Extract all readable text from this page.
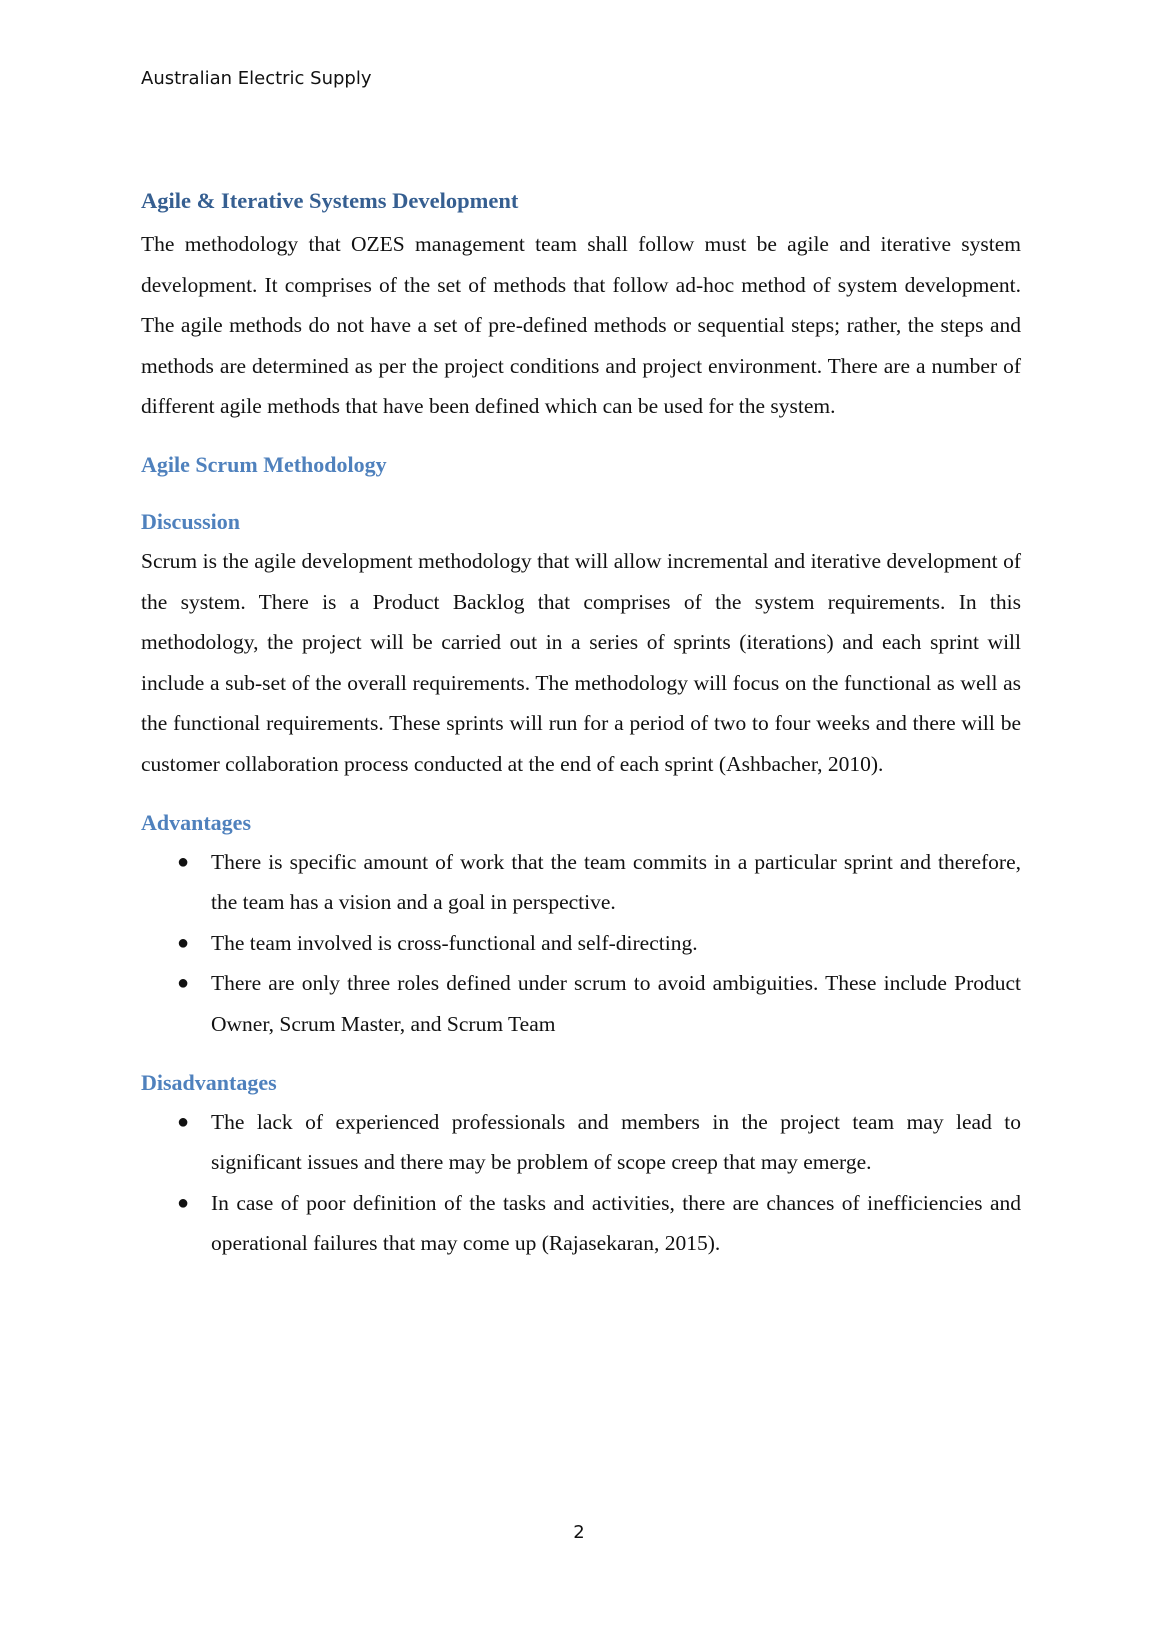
Australian Electric Supply
Agile & Iterative Systems Development

The methodology that OZES management team shall follow must be agile and iterative system development. It comprises of the set of methods that follow ad-hoc method of system development. The agile methods do not have a set of pre-defined methods or sequential steps; rather, the steps and methods are determined as per the project conditions and project environment. There are a number of different agile methods that have been defined which can be used for the system.

Agile Scrum Methodology
Discussion

Scrum is the agile development methodology that will allow incremental and iterative development of the system. There is a Product Backlog that comprises of the system requirements. In this methodology, the project will be carried out in a series of sprints (iterations) and each sprint will include a sub-set of the overall requirements. The methodology will focus on the functional as well as the functional requirements. These sprints will run for a period of two to four weeks and there will be customer collaboration process conducted at the end of each sprint (Ashbacher, 2010).

Advantages
● There is specific amount of work that the team commits in a particular sprint and therefore, the team has a vision and a goal in perspective.
● The team involved is cross-functional and self-directing.
● There are only three roles defined under scrum to avoid ambiguities. These include Product Owner, Scrum Master, and Scrum Team
Disadvantages
● The lack of experienced professionals and members in the project team may lead to significant issues and there may be problem of scope creep that may emerge.
● In case of poor definition of the tasks and activities, there are chances of inefficiencies and operational failures that may come up (Rajasekaran, 2015).
2
